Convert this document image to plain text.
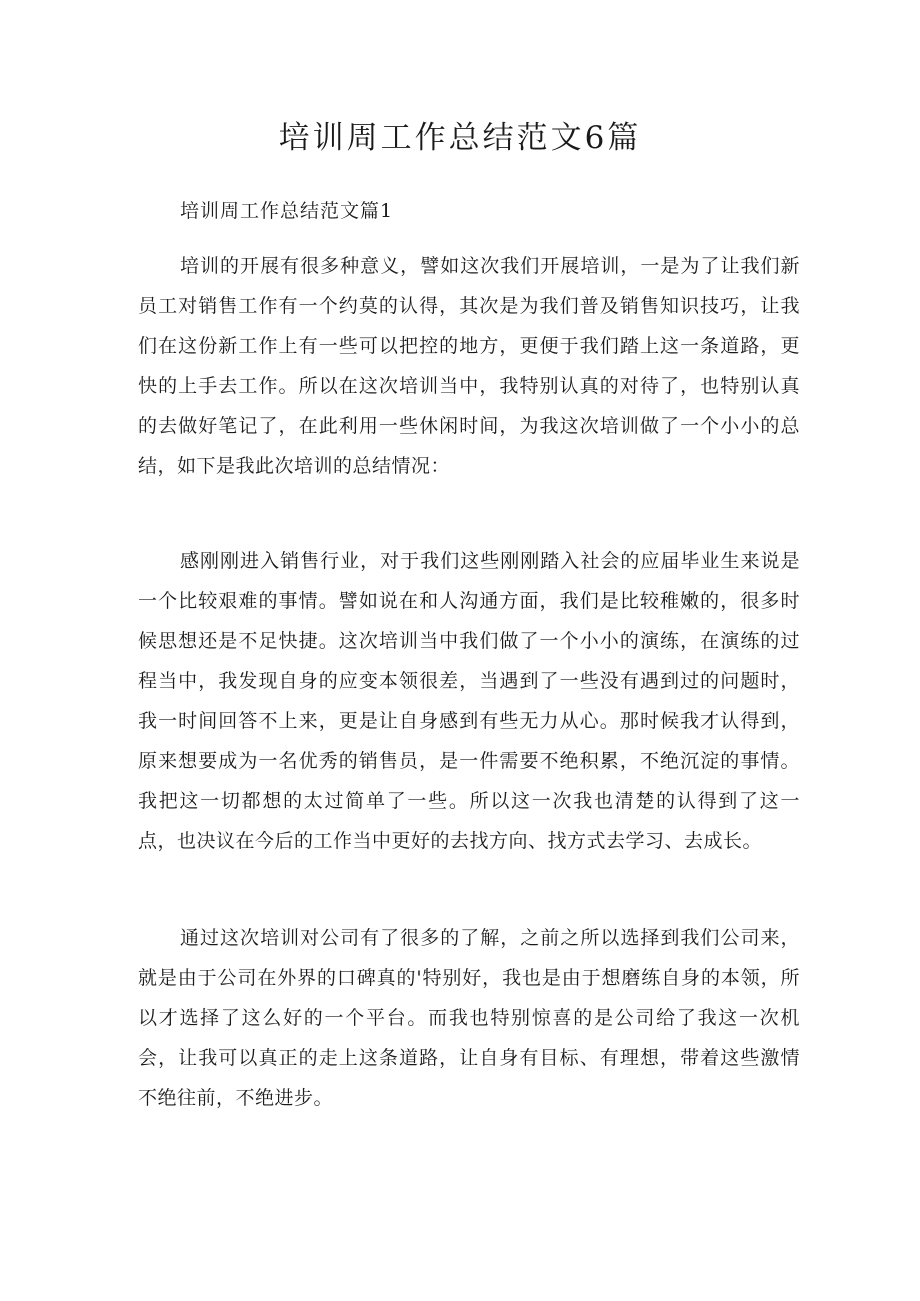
培训周工作总结范文6篇
培训周工作总结范文篇1

培训的开展有很多种意义，譬如这次我们开展培训，一是为了让我们新员工对销售工作有一个约莫的认得，其次是为我们普及销售知识技巧，让我们在这份新工作上有一些可以把控的地方，更便于我们踏上这一条道路，更快的上手去工作。所以在这次培训当中，我特别认真的对待了，也特别认真的去做好笔记了，在此利用一些休闲时间，为我这次培训做了一个小小的总结，如下是我此次培训的总结情况：

感刚刚进入销售行业，对于我们这些刚刚踏入社会的应届毕业生来说是一个比较艰难的事情。譬如说在和人沟通方面，我们是比较稚嫩的，很多时候思想还是不足快捷。这次培训当中我们做了一个小小的演练，在演练的过程当中，我发现自身的应变本领很差，当遇到了一些没有遇到过的问题时，我一时间回答不上来，更是让自身感到有些无力从心。那时候我才认得到，原来想要成为一名优秀的销售员，是一件需要不绝积累，不绝沉淀的事情。我把这一切都想的太过简单了一些。所以这一次我也清楚的认得到了这一点，也决议在今后的工作当中更好的去找方向、找方式去学习、去成长。

通过这次培训对公司有了很多的了解，之前之所以选择到我们公司来，就是由于公司在外界的口碑真的'特别好，我也是由于想磨练自身的本领，所以才选择了这么好的一个平台。而我也特别惊喜的是公司给了我这一次机会，让我可以真正的走上这条道路，让自身有目标、有理想，带着这些激情不绝往前，不绝进步。
